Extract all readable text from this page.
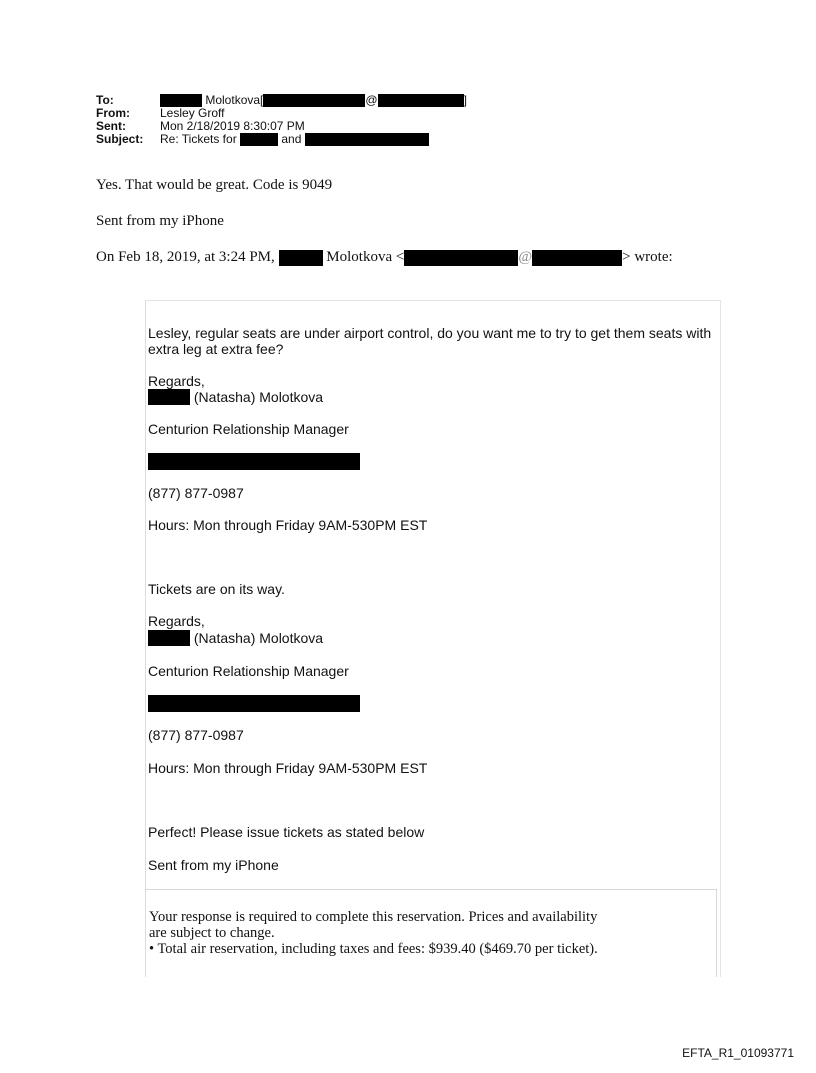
To:	Molotkova[ @ ]
From:	Lesley Groff
Sent:	Mon 2/18/2019 8:30:07 PM
Subject:	Re: Tickets for and
Yes. That would be great. Code is 9049
Sent from my iPhone
On Feb 18, 2019, at 3:24 PM,	Molotkova <	@	> wrote:
Lesley, regular seats are under airport control, do you want me to try to get them seats with extra leg at extra fee?
Regards,
(Natasha) Molotkova
Centurion Relationship Manager
(877) 877-0987
Hours: Mon through Friday 9AM-530PM EST
Tickets are on its way.
Regards,
(Natasha) Molotkova
Centurion Relationship Manager
(877) 877-0987
Hours: Mon through Friday 9AM-530PM EST
Perfect! Please issue tickets as stated below
Sent from my iPhone
Your response is required to complete this reservation. Prices and availability
are subject to change.
• Total air reservation, including taxes and fees: $939.40 ($469.70 per ticket).
EFTA_R1_01093771
